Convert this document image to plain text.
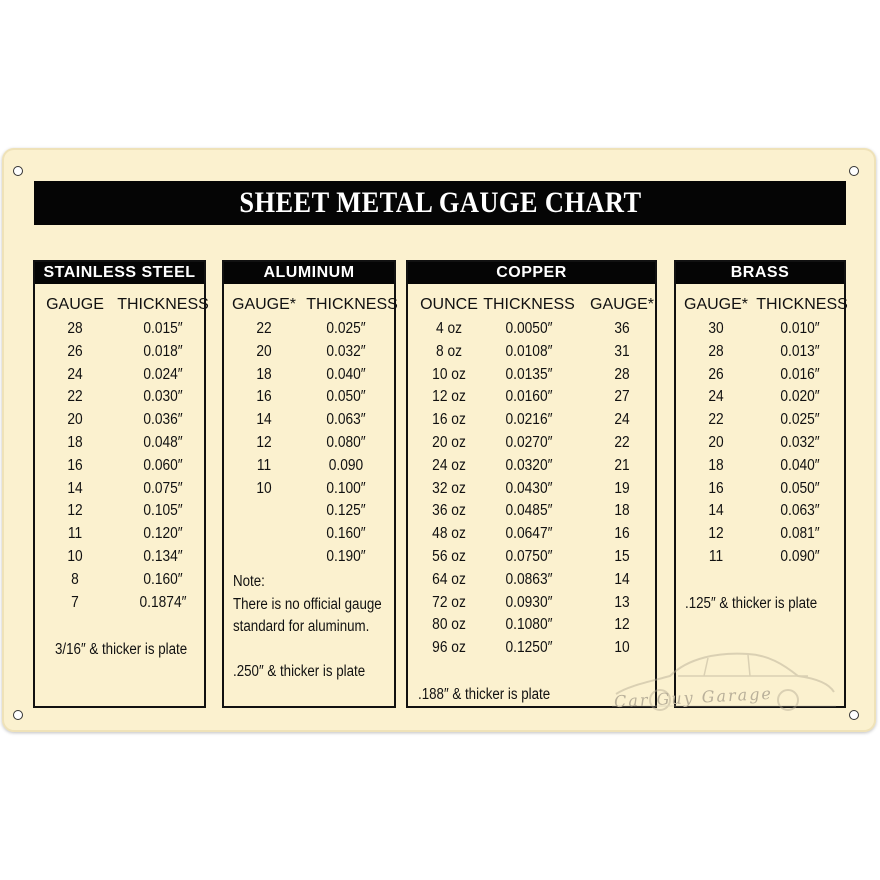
SHEET METAL GAUGE CHART
STAINLESS STEEL
GAUGE THICKNESS
28	0.015″
26	0.018″
24	0.024″
22	0.030″
20	0.036″
18	0.048″
16	0.060″
14	0.075″
12	0.105″
11	0.120″
10	0.134″
8	0.160″
7	0.1874″
3/16″ & thicker is plate
ALUMINUM
GAUGE* THICKNESS
22	0.025″
20	0.032″
18	0.040″
16	0.050″
14	0.063″
12	0.080″
11	0.090
10	0.100″
0.125″
0.160″
0.190″
Note:
There is no official gauge
standard for aluminum.
.250″ & thicker is plate
COPPER
OUNCE THICKNESS GAUGE*
4 oz	0.0050″	36
8 oz	0.0108″	31
10 oz 0.0135″	28
12 oz 0.0160″	27
16 oz 0.0216″	24
20 oz 0.0270″	22
24 oz 0.0320″	21
32 oz 0.0430″	19
36 oz 0.0485″	18
48 oz 0.0647″	16
56 oz 0.0750″	15
64 oz 0.0863″	14
72 oz 0.0930″	13
80 oz 0.1080″	12
96 oz 0.1250″	10
.188″ & thicker is plate
BRASS
GAUGE* THICKNESS
30	0.010″
28	0.013″
26	0.016″
24	0.020″
22	0.025″
20	0.032″
18	0.040″
16	0.050″
14	0.063″
12	0.081″
11	0.090″
.125″ & thicker is plate
Car Guy Garage
